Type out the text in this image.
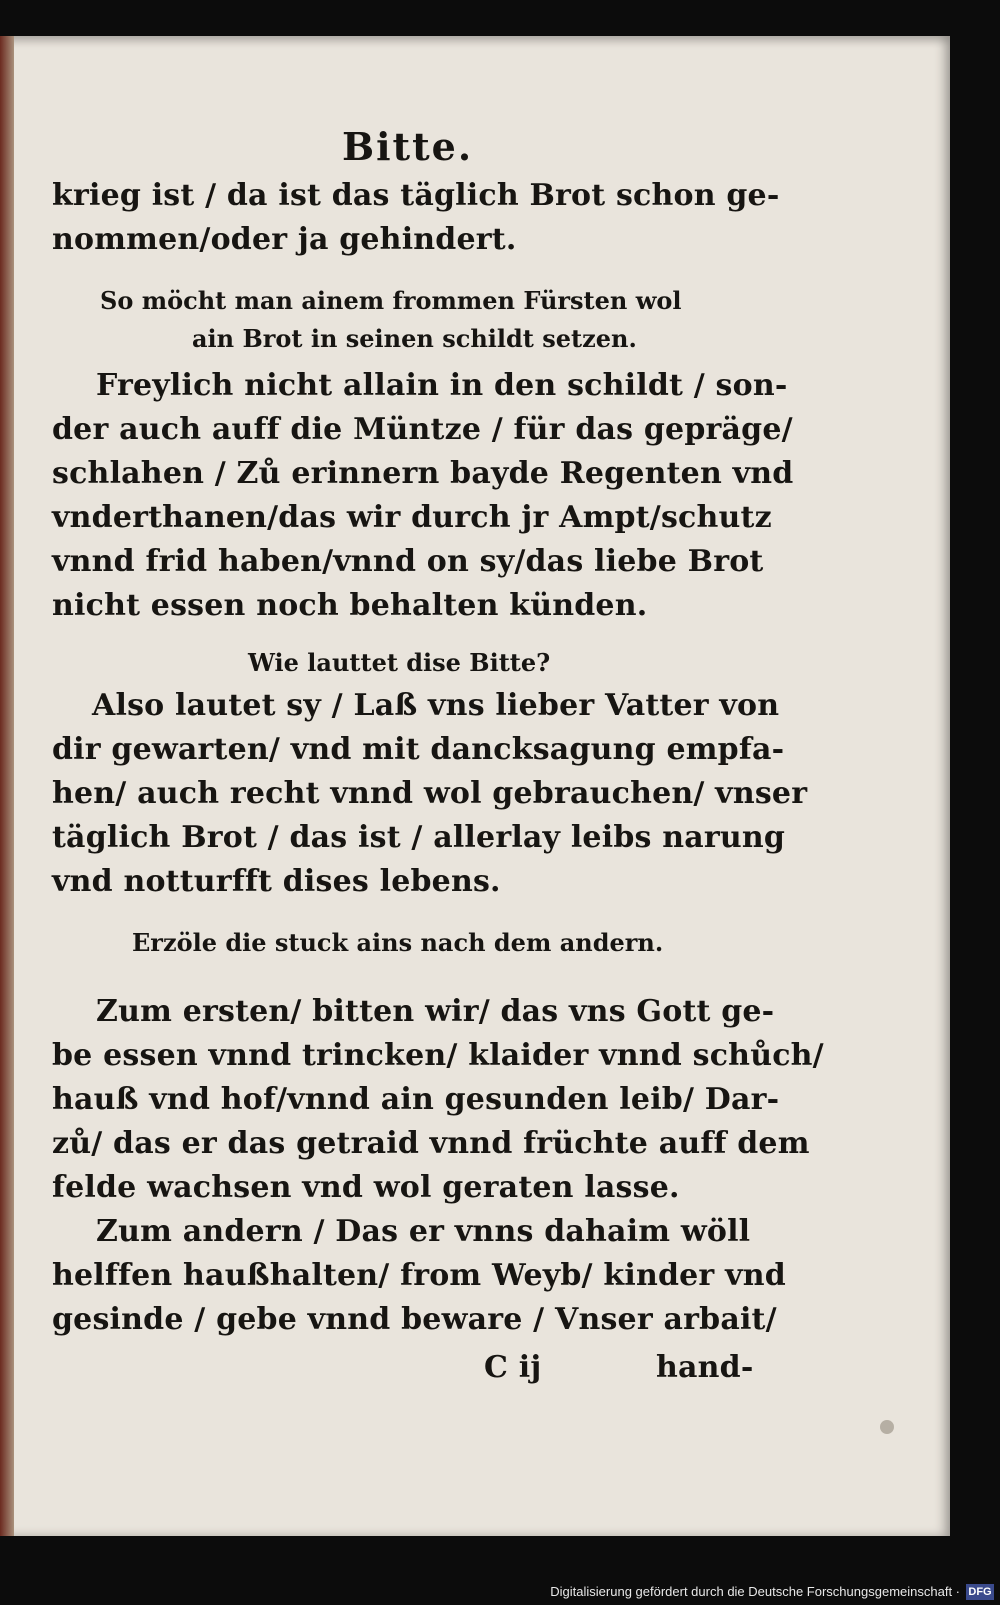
Bitte.
krieg ist / da ist das täglich Brot schon ge-
nommen/oder ja gehindert.
So möcht man ainem frommen Fürsten wol
ain Brot in seinen schildt setzen.
Freylich nicht allain in den schildt / son-
der auch auff die Müntze / für das gepräge/
schlahen / Zů erinnern bayde Regenten vnd
vnderthanen/das wir durch jr Ampt/schutz
vnnd frid haben/vnnd on sy/das liebe Brot
nicht essen noch behalten künden.
Wie lauttet dise Bitte?
Also lautet sy / Laß vns lieber Vatter von
dir gewarten/ vnd mit dancksagung empfa-
hen/ auch recht vnnd wol gebrauchen/ vnser
täglich Brot / das ist / allerlay leibs narung
vnd notturfft dises lebens.
Erzöle die stuck ains nach dem andern.
Zum ersten/ bitten wir/ das vns Gott ge-
be essen vnnd trincken/ klaider vnnd schůch/
hauß vnd hof/vnnd ain gesunden leib/ Dar-
zů/ das er das getraid vnnd früchte auff dem
felde wachsen vnd wol geraten lasse.
Zum andern / Das er vnns dahaim wöll
helffen haußhalten/ from Weyb/ kinder vnd
gesinde / gebe vnnd beware / Vnser arbait/
C ij	hand-
Digitalisierung gefördert durch die Deutsche Forschungsgemeinschaft · DFG
